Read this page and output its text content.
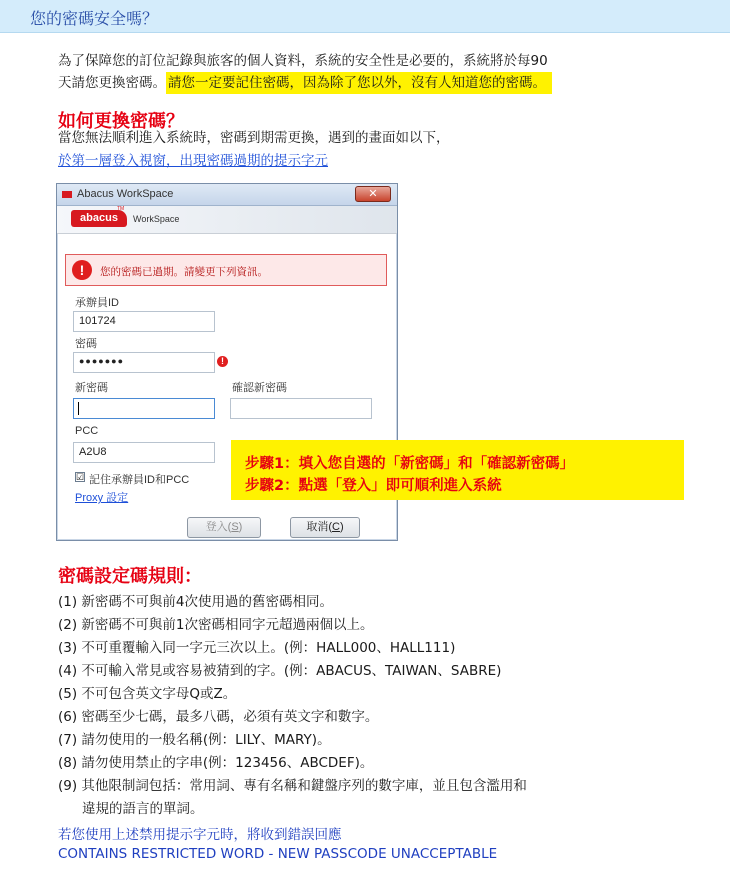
您的密碼安全嗎？
為了保障您的訂位記錄與旅客的個人資料，系統的安全性是必要的，系統將於每90
天請您更換密碼。 請您一定要記住密碼，因為除了您以外，沒有人知道您的密碼。
如何更換密碼？
當您無法順利進入系統時，密碼到期需更換，遇到的畫面如以下，
於第一層登入視窗，出現密碼過期的提示字元
Abacus WorkSpace	✕
abacus
TM
WorkSpace
!	您的密碼已過期。請變更下列資訊。
承辦員ID
101724
密碼
●●●●●●●	!
新密碼	確認新密碼
PCC
A2U8
☑ 記住承辦員ID和PCC
Proxy 設定
登入(S)	取消(C)
步驟1：填入您自選的「新密碼」和「確認新密碼」
步驟2：點選「登入」即可順利進入系統
密碼設定碼規則：
(1) 新密碼不可與前4次使用過的舊密碼相同。
(2) 新密碼不可與前1次密碼相同字元超過兩個以上。
(3) 不可重覆輸入同一字元三次以上。(例：HALL000、HALL111)
(4) 不可輸入常見或容易被猜到的字。(例：ABACUS、TAIWAN、SABRE)
(5) 不可包含英文字母Q或Z。
(6) 密碼至少七碼，最多八碼，必須有英文字和數字。
(7) 請勿使用的一般名稱(例：LILY、MARY)。
(8) 請勿使用禁止的字串(例：123456、ABCDEF)。
(9) 其他限制詞包括：常用詞、專有名稱和鍵盤序列的數字庫，並且包含濫用和
違規的語言的單詞。
若您使用上述禁用提示字元時，將收到錯誤回應
CONTAINS RESTRICTED WORD - NEW PASSCODE UNACCEPTABLE
